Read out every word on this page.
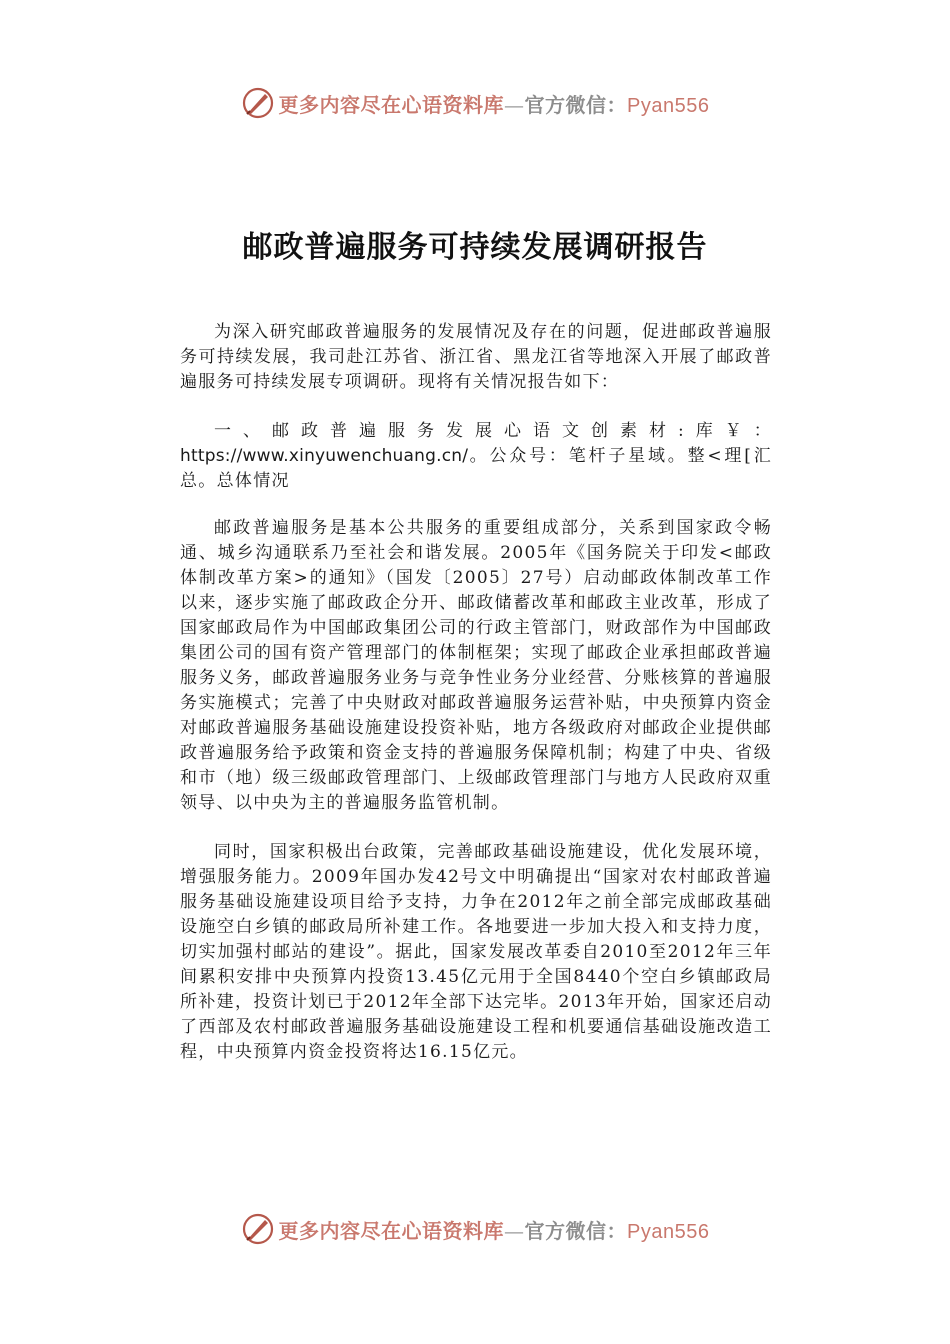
更多内容尽在心语资料库—官方微信：Pyan556
邮政普遍服务可持续发展调研报告

为深入研究邮政普遍服务的发展情况及存在的问题，促进邮政普遍服务可持续发展，我司赴江苏省、浙江省、黑龙江省等地深入开展了邮政普遍服务可持续发展专项调研。现将有关情况报告如下：

一、邮政普遍服务发展心语文创素材:库￥：https://www.xinyuwenchuang.cn/。公众号：笔杆子星域。整<理[汇总。总体情况

邮政普遍服务是基本公共服务的重要组成部分，关系到国家政令畅通、城乡沟通联系乃至社会和谐发展。2005年《国务院关于印发<邮政体制改革方案>的通知》（国发〔2005〕27号）启动邮政体制改革工作以来，逐步实施了邮政政企分开、邮政储蓄改革和邮政主业改革，形成了国家邮政局作为中国邮政集团公司的行政主管部门，财政部作为中国邮政集团公司的国有资产管理部门的体制框架；实现了邮政企业承担邮政普遍服务义务，邮政普遍服务业务与竞争性业务分业经营、分账核算的普遍服务实施模式；完善了中央财政对邮政普遍服务运营补贴，中央预算内资金对邮政普遍服务基础设施建设投资补贴，地方各级政府对邮政企业提供邮政普遍服务给予政策和资金支持的普遍服务保障机制；构建了中央、省级和市（地）级三级邮政管理部门、上级邮政管理部门与地方人民政府双重领导、以中央为主的普遍服务监管机制。

同时，国家积极出台政策，完善邮政基础设施建设，优化发展环境，增强服务能力。2009年国办发42号文中明确提出“国家对农村邮政普遍服务基础设施建设项目给予支持，力争在2012年之前全部完成邮政基础设施空白乡镇的邮政局所补建工作。各地要进一步加大投入和支持力度，切实加强村邮站的建设”。据此，国家发展改革委自2010至2012年三年间累积安排中央预算内投资13.45亿元用于全国8440个空白乡镇邮政局所补建，投资计划已于2012年全部下达完毕。2013年开始，国家还启动了西部及农村邮政普遍服务基础设施建设工程和机要通信基础设施改造工程，中央预算内资金投资将达16.15亿元。

更多内容尽在心语资料库—官方微信：Pyan556
